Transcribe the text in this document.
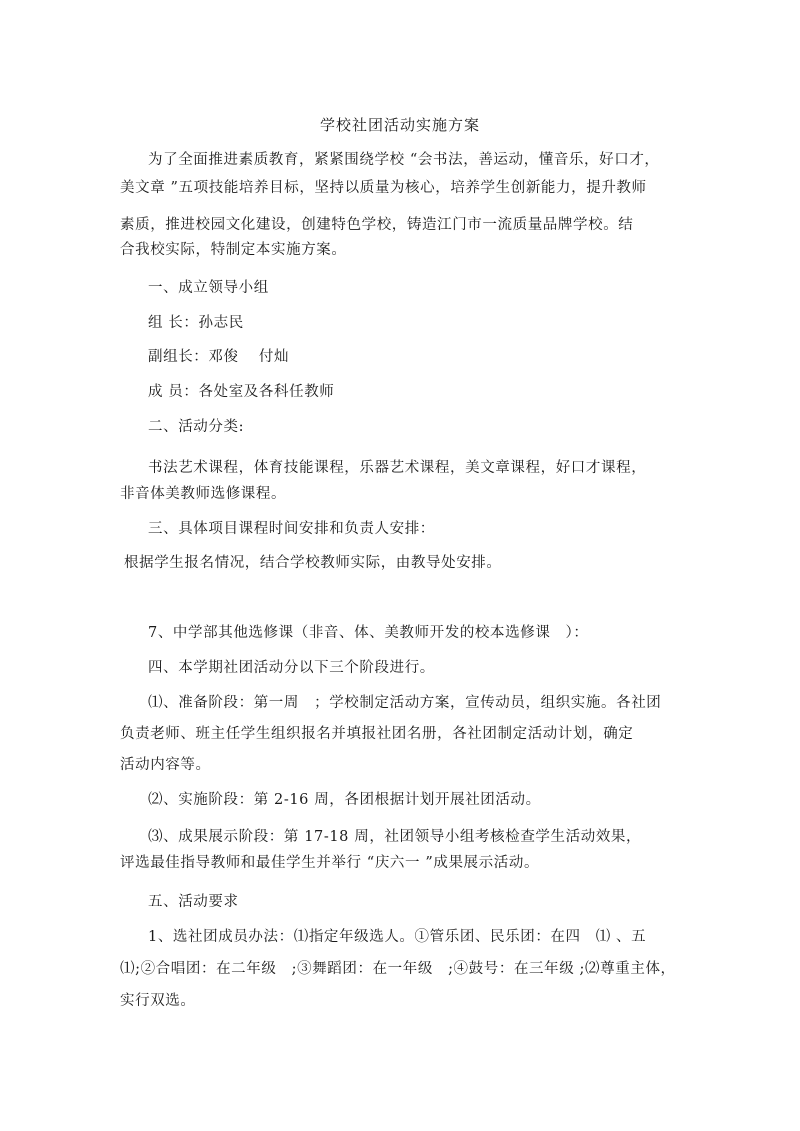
学校社团活动实施方案
为了全面推进素质教育，紧紧围绕学校 “会书法，善运动，懂音乐，好口才，
美文章 ”五项技能培养目标，坚持以质量为核心，培养学生创新能力，提升教师
素质，推进校园文化建设，创建特色学校，铸造江门市一流质量品牌学校。结
合我校实际，特制定本实施方案。
一、成立领导小组
组 长：孙志民
副组长：邓俊　 付灿
成 员：各处室及各科任教师
二、活动分类:
书法艺术课程，体育技能课程，乐器艺术课程，美文章课程，好口才课程，
非音体美教师选修课程。
三、具体项目课程时间安排和负责人安排：
根据学生报名情况，结合学校教师实际，由教导处安排。
7、中学部其他选修课（非音、体、美教师开发的校本选修课　）：
四、本学期社团活动分以下三个阶段进行。
⑴、准备阶段：第一周　；学校制定活动方案，宣传动员，组织实施。各社团
负责老师、班主任学生组织报名并填报社团名册，各社团制定活动计划，确定
活动内容等。
⑵、实施阶段：第 2-16 周，各团根据计划开展社团活动。
⑶、成果展示阶段：第 17-18 周，社团领导小组考核检查学生活动效果，
评选最佳指导教师和最佳学生并举行 “庆六一 ”成果展示活动。
五、活动要求
1、选社团成员办法：⑴指定年级选人。①管乐团、民乐团：在四　⑴ 、五
⑴;②合唱团：在二年级　;③舞蹈团：在一年级　;④鼓号：在三年级 ;⑵尊重主体，
实行双选。
